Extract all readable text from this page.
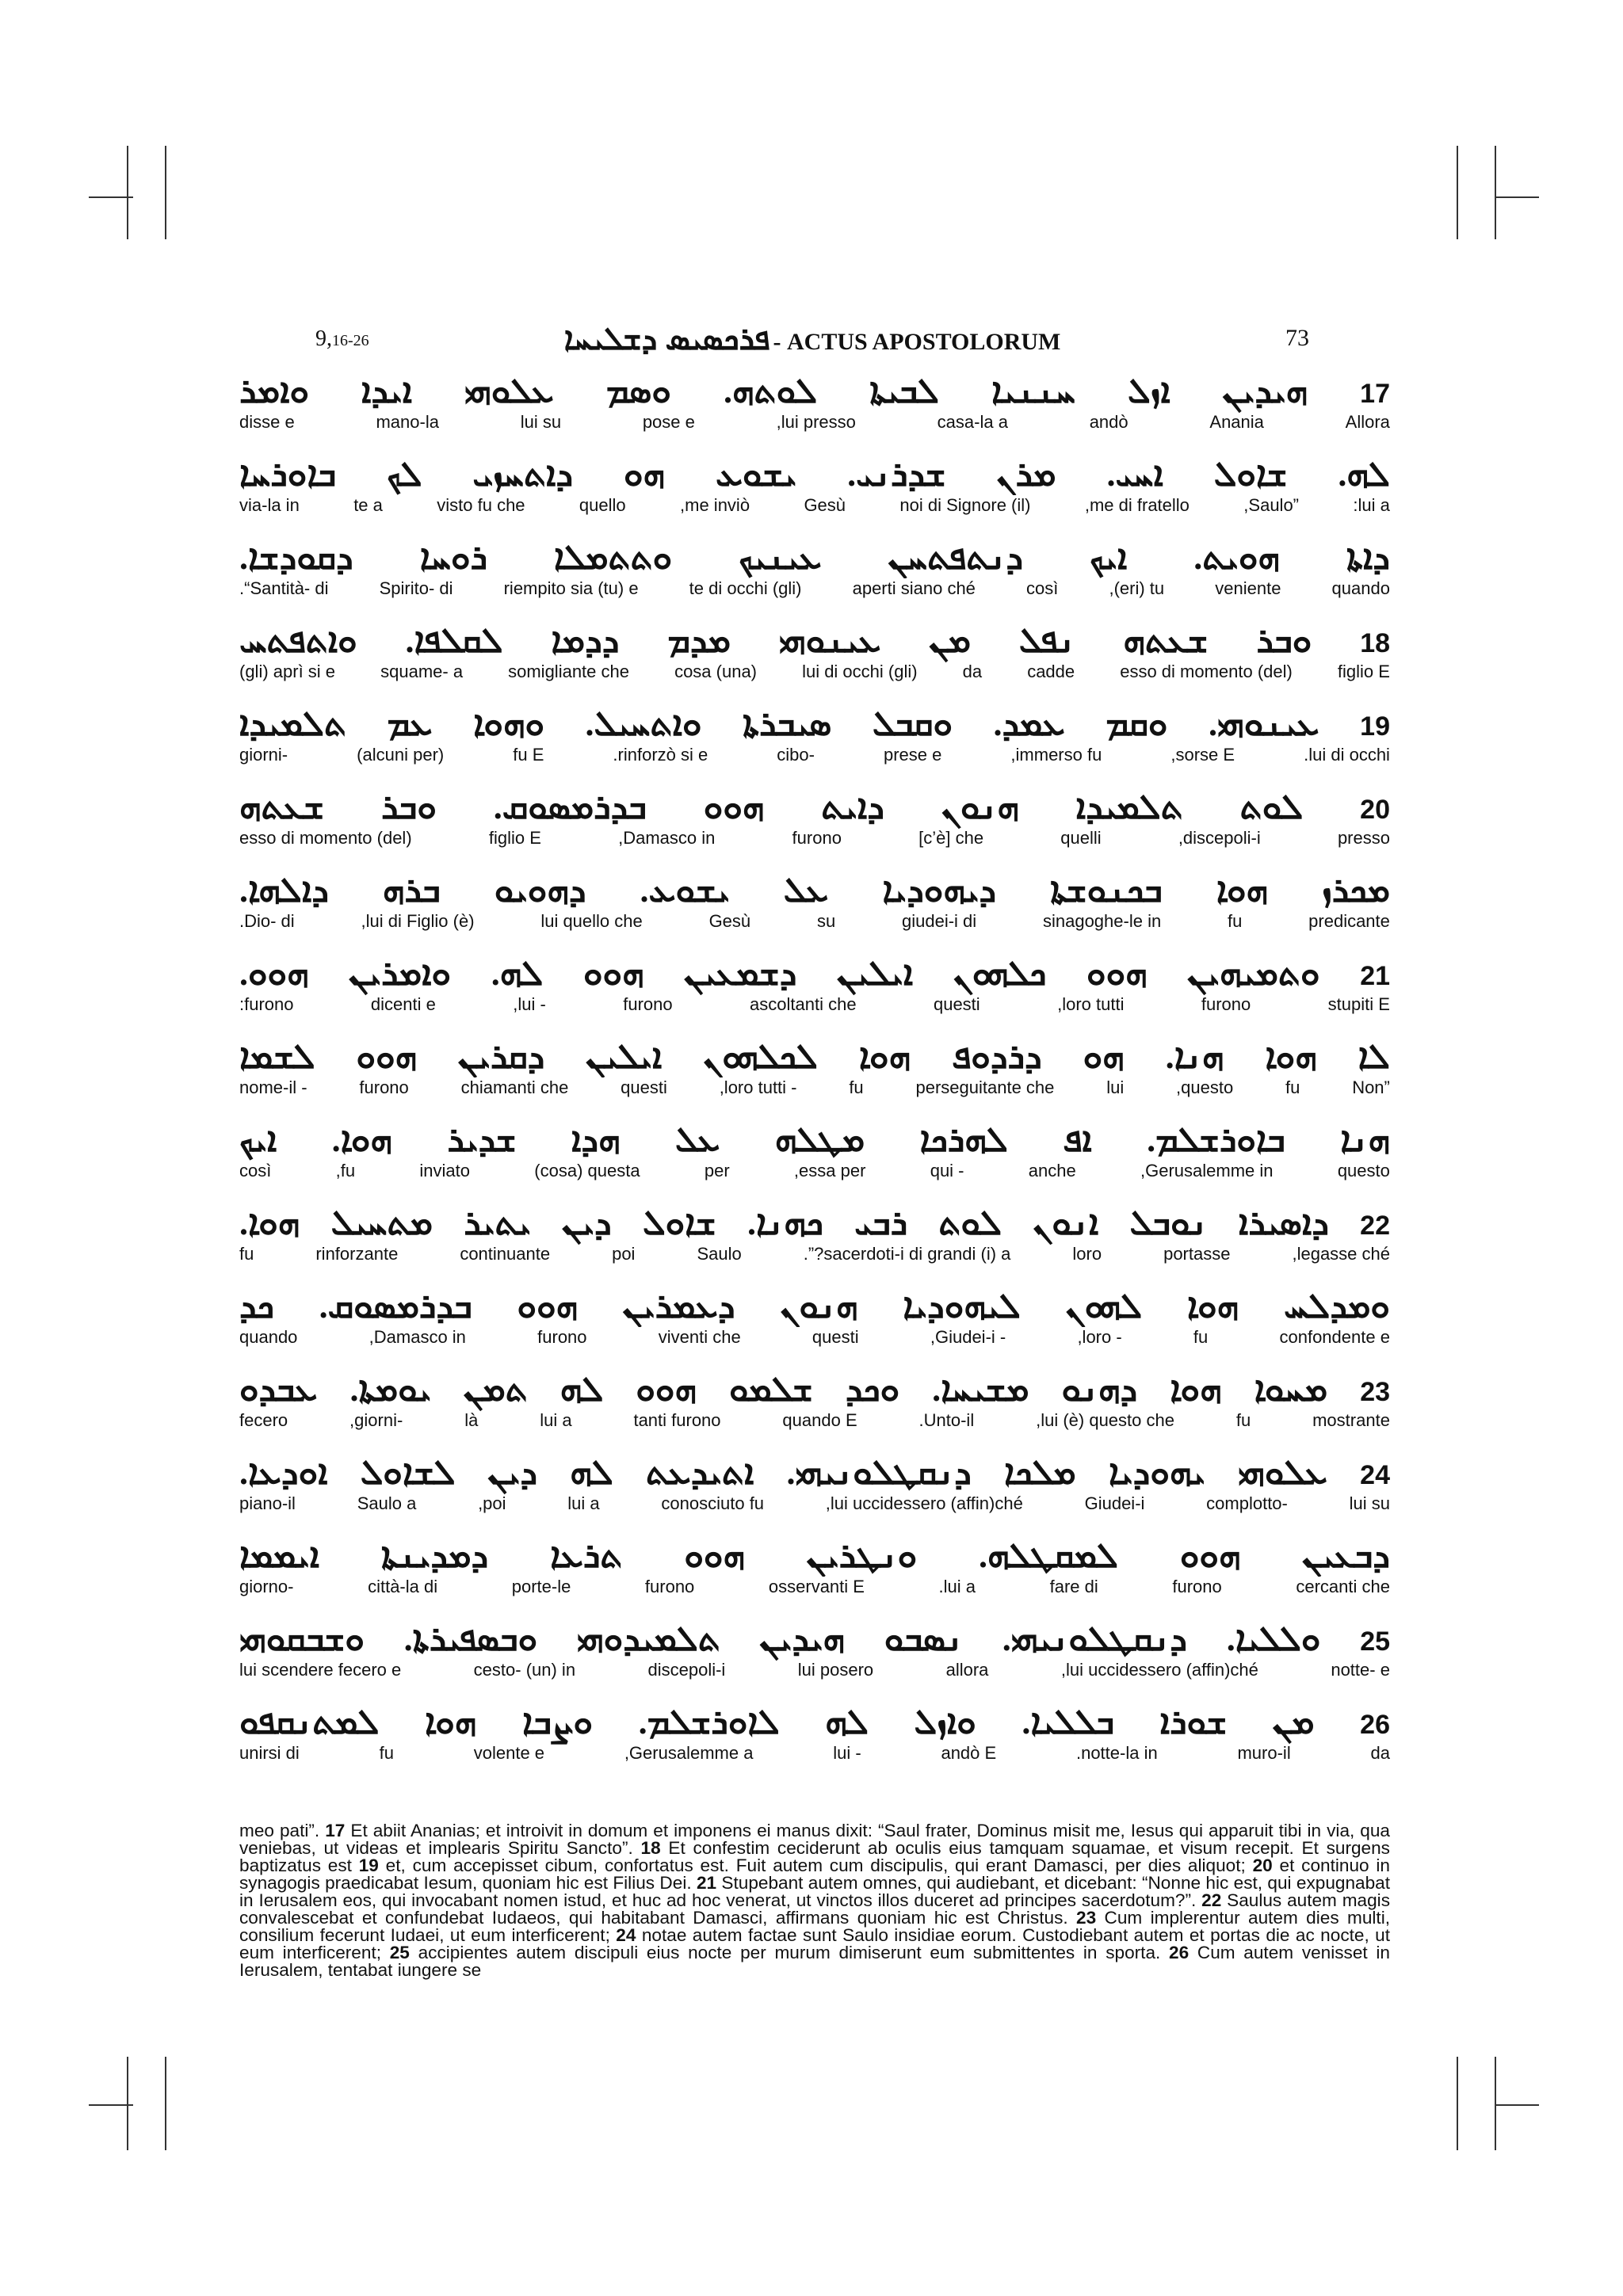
9,16-26	ܦܪܟܣܝܣ ܕܫܠܝܚܐ - ACTUS APOSTOLORUM	73
17 ܗܝܕܝܢ ܐܙܠ ܚܢܢܝܐ ܠܒܝܬܐ ܠܘܬܗ. ܘܣܡ ܥܠܘܗܝ ܐܝܕܐ ܘܐܡܪ
Allora
Anania
andò
casa-la a
,lui presso
pose e
lui su
mano-la
disse e
ܠܗ. ܫܐܘܠ ܐܚܝ. ܡܪܢ ܫܕܪܢܝ. ܝܫܘܥ ܗܘ ܕܐܬܚܙܝ ܠܟ ܒܐܘܪܚܐ
:lui a
,Saulo”
,me di fratello
noi di Signore (il)
Gesù
,me inviò
quello
visto fu che
te a
via-la in
ܕܐܬܐ ܗܘܝܬ. ܐܝܟ ܕܢܬܦܬܚܢ ܥܝܢܝܟ ܘܬܬܡܠܐ ܪܘܚܐ ܕܩܘܕܫܐ.
quando
veniente
,(eri) tu
così
aperti siano ché
te di occhi (gli)
riempito sia (tu) e
Spirito- di
.“Santità- di
18 ܘܒܪ ܫܥܬܗ ܢܦܠ ܡܢ ܥܝܢܘܗܝ ܡܕܡ ܕܕܡܐ ܠܩܠܦܐ. ܘܐܬܦܬܚ
figlio E
esso di momento (del)
cadde
da
lui di occhi (gli)
cosa (una)
somigliante che
squame- a
(gli) aprì si e
19 ܥܝܢܘܗܝ. ܘܩܡ ܥܡܕ. ܘܩܒܠ ܣܝܒܪܬܐ ܘܐܬܚܝܠ. ܘܗܘܐ ܥܡ ܬܠܡܝܕܐ
.lui di occhi
,sorse E
,immerso fu
prese e
cibo-
.rinforzò si e
fu E
(alcuni per)
giorni-
20 ܠܘܬ ܬܠܡܝܕܐ ܗܢܘܢ ܕܐܝܬ ܗܘܘ ܒܕܪܡܣܘܩ. ܘܒܪ ܫܥܬܗ
presso
,discepoli-i
quelli
[c’è] che
furono
,Damasco in
figlio E
esso di momento (del)
ܡܟܪܙ ܗܘܐ ܒܟܢܘܫܬܐ ܕܝܗܘܕܝܐ ܥܠ ܝܫܘܥ. ܕܗܘܝܘ ܒܪܗ ܕܐܠܗܐ.
predicante
fu
sinagoghe-le in
giudei-i di
su
Gesù
lui quello che
,lui di Figlio (è)
.Dio- di
21 ܘܬܡܝܗܝܢ ܗܘܘ ܟܠܗܘܢ ܐܝܠܝܢ ܕܫܡܥܝܢ ܗܘܘ ܠܗ. ܘܐܡܪܝܢ ܗܘܘ.
stupiti E
furono
,loro tutti
questi
ascoltanti che
furono
,lui -
dicenti e
:furono
ܠܐ ܗܘܐ ܗܢܐ. ܗܘ ܕܪܕܘܦ ܗܘܐ ܠܟܠܗܘܢ ܐܝܠܝܢ ܕܩܪܝܢ ܗܘܘ ܠܫܡܐ
Non”
fu
,questo
lui
perseguitante che
fu
,loro tutti -
questi
chiamanti che
furono
nome-il -
ܗܢܐ ܒܐܘܪܫܠܡ. ܐܦ ܠܗܪܟܐ ܡܛܠܗ ܥܠ ܗܕܐ ܫܕܝܪ ܗܘܐ. ܐܝܟ
questo
,Gerusalemme in
anche
qui -
,essa per
per
(cosa) questa
inviato
,fu
così
22 ܕܐܣܝܪܐ ܢܘܒܠ ܐܢܘܢ ܠܘܬ ܪܒܝ ܟܗܢܐ. ܫܐܘܠ ܕܝܢ ܝܬܝܪ ܡܬܚܝܠ ܗܘܐ.
,legasse ché
portasse
loro
.”?sacerdoti-i di grandi (i) a
Saulo
poi
continuante
rinforzante
fu
ܘܡܕܠܚ ܗܘܐ ܠܗܘܢ ܠܝܗܘܕܝܐ ܗܢܘܢ ܕܥܡܪܝܢ ܗܘܘ ܒܕܪܡܣܘܩ. ܟܕ
confondente e
fu
,loro -
,Giudei-i -
questi
viventi che
furono
,Damasco in
quando
23 ܡܚܘܐ ܗܘܐ ܕܗܢܘ ܡܫܝܚܐ. ܘܟܕ ܫܠܡܘ ܗܘܘ ܠܗ ܬܡܢ ܝܘܡܬܐ. ܥܒܕܘ
mostrante
fu
,lui (è) questo che
.Unto-il
quando E
tanti furono
lui a
là
,giorni-
fecero
24 ܥܠܘܗܝ ܝܗܘܕܝܐ ܡܠܟܐ ܕܢܩܛܠܘܢܝܗܝ. ܐܬܝܕܥܬ ܠܗ ܕܝܢ ܠܫܐܘܠ ܐܘܕܥܐ.
lui su
complotto-
Giudei-i
,lui uccidessero (affin)ché
conosciuto fu
lui a
,poi
Saulo a
piano-il
ܕܒܥܝܢ ܗܘܘ ܠܡܩܛܠܗ. ܘܢܛܪܝܢ ܗܘܘ ܬܪܥܐ ܕܡܕܝܢܬܐ ܐܝܡܡܐ
cercanti che
furono
fare di
.lui a
osservanti E
furono
porte-le
città-la di
giorno-
25 ܘܠܠܝܐ. ܕܢܩܛܠܘܢܝܗܝ. ܢܣܒܘ ܗܝܕܝܢ ܬܠܡܝܕܘܗܝ ܘܒܣܦܝܪܬܐ. ܘܫܒܩܘܗܝ
notte- e
,lui uccidessero (affin)ché
allora
lui posero
discepoli-i
cesto- (un) in
lui scendere fecero e
26 ܡܢ ܫܘܪܐ ܒܠܠܝܐ. ܘܐܙܠ ܠܗ ܠܐܘܪܫܠܡ. ܘܨܒܐ ܗܘܐ ܠܡܬܢܩܦܘ
da
muro-il
.notte-la in
andò E
lui -
,Gerusalemme a
volente e
fu
unirsi di
meo pati”. 17 Et abiit Ananias; et introivit in domum et imponens ei manus dixit: “Saul frater, Dominus misit me, Iesus qui apparuit tibi in via, qua veniebas, ut videas et implearis Spiritu Sancto”. 18 Et confestim ceciderunt ab oculis eius tamquam squamae, et visum recepit. Et surgens baptizatus est 19 et, cum accepisset cibum, confortatus est. Fuit autem cum discipulis, qui erant Damasci, per dies aliquot; 20 et continuo in synagogis praedicabat Iesum, quoniam hic est Filius Dei. 21 Stupebant autem omnes, qui audiebant, et dicebant: “Nonne hic est, qui expugnabat in Ierusalem eos, qui invocabant nomen istud, et huc ad hoc venerat, ut vinctos illos duceret ad principes sacerdotum?”. 22 Saulus autem magis convalescebat et confundebat Iudaeos, qui habitabant Damasci, affirmans quoniam hic est Christus. 23 Cum implerentur autem dies multi, consilium fecerunt Iudaei, ut eum interficerent; 24 notae autem factae sunt Saulo insidiae eorum. Custodiebant autem et portas die ac nocte, ut eum interficerent; 25 accipientes autem discipuli eius nocte per murum dimiserunt eum submittentes in sporta. 26 Cum autem venisset in Ierusalem, tentabat iungere se
